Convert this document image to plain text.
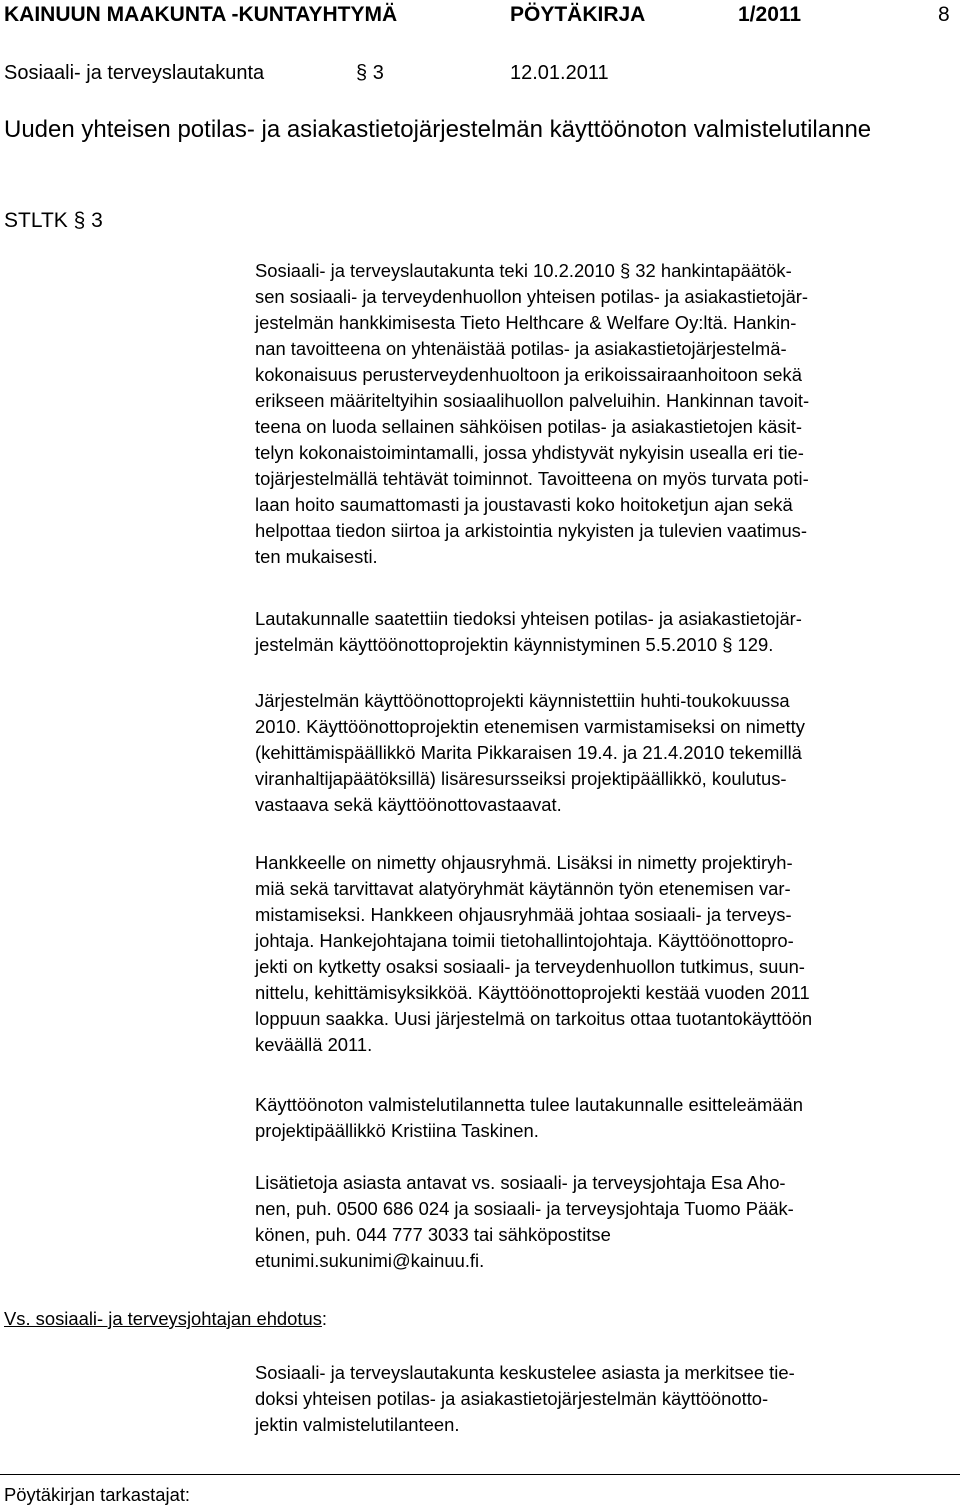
KAINUUN MAAKUNTA -KUNTAYHTYMÄ	PÖYTÄKIRJA	1/2011	8
Sosiaali- ja terveyslautakunta	§ 3	12.01.2011
Uuden yhteisen potilas- ja asiakastietojärjestelmän käyttöönoton valmistelutilanne
STLTK § 3
Sosiaali- ja terveyslautakunta teki 10.2.2010 § 32 hankintapäätök-
sen sosiaali- ja terveydenhuollon yhteisen potilas- ja asiakastietojär-
jestelmän hankkimisesta Tieto Helthcare & Welfare Oy:ltä. Hankin-
nan tavoitteena on yhtenäistää potilas- ja asiakastietojärjestelmä-
kokonaisuus perusterveydenhuoltoon ja erikoissairaanhoitoon sekä
erikseen määriteltyihin sosiaalihuollon palveluihin. Hankinnan tavoit-
teena on luoda sellainen sähköisen potilas- ja asiakastietojen käsit-
telyn kokonaistoimintamalli, jossa yhdistyvät nykyisin usealla eri tie-
tojärjestelmällä tehtävät toiminnot. Tavoitteena on myös turvata poti-
laan hoito saumattomasti ja joustavasti koko hoitoketjun ajan sekä
helpottaa tiedon siirtoa ja arkistointia nykyisten ja tulevien vaatimus-
ten mukaisesti.
Lautakunnalle saatettiin tiedoksi yhteisen potilas- ja asiakastietojär-
jestelmän käyttöönottoprojektin käynnistyminen 5.5.2010 § 129.
Järjestelmän käyttöönottoprojekti käynnistettiin huhti-toukokuussa
2010. Käyttöönottoprojektin etenemisen varmistamiseksi on nimetty
(kehittämispäällikkö Marita Pikkaraisen 19.4. ja 21.4.2010 tekemillä
viranhaltijapäätöksillä) lisäresursseiksi projektipäällikkö, koulutus-
vastaava sekä käyttöönottovastaavat.
Hankkeelle on nimetty ohjausryhmä. Lisäksi in nimetty projektiryh-
miä sekä tarvittavat alatyöryhmät käytännön työn etenemisen var-
mistamiseksi. Hankkeen ohjausryhmää johtaa sosiaali- ja terveys-
johtaja. Hankejohtajana toimii tietohallintojohtaja. Käyttöönottopro-
jekti on kytketty osaksi sosiaali- ja terveydenhuollon tutkimus, suun-
nittelu, kehittämisyksikköä. Käyttöönottoprojekti kestää vuoden 2011
loppuun saakka. Uusi järjestelmä on tarkoitus ottaa tuotantokäyttöön
keväällä 2011.
Käyttöönoton valmistelutilannetta tulee lautakunnalle esitteleämään
projektipäällikkö Kristiina Taskinen.
Lisätietoja asiasta antavat vs. sosiaali- ja terveysjohtaja Esa Aho-
nen, puh. 0500 686 024 ja sosiaali- ja terveysjohtaja Tuomo Pääk-
könen, puh. 044 777 3033 tai sähköpostitse
etunimi.sukunimi@kainuu.fi.
Vs. sosiaali- ja terveysjohtajan ehdotus:
Sosiaali- ja terveyslautakunta keskustelee asiasta ja merkitsee tie-
doksi yhteisen potilas- ja asiakastietojärjestelmän käyttöönotto-
jektin valmistelutilanteen.
Pöytäkirjan tarkastajat:
